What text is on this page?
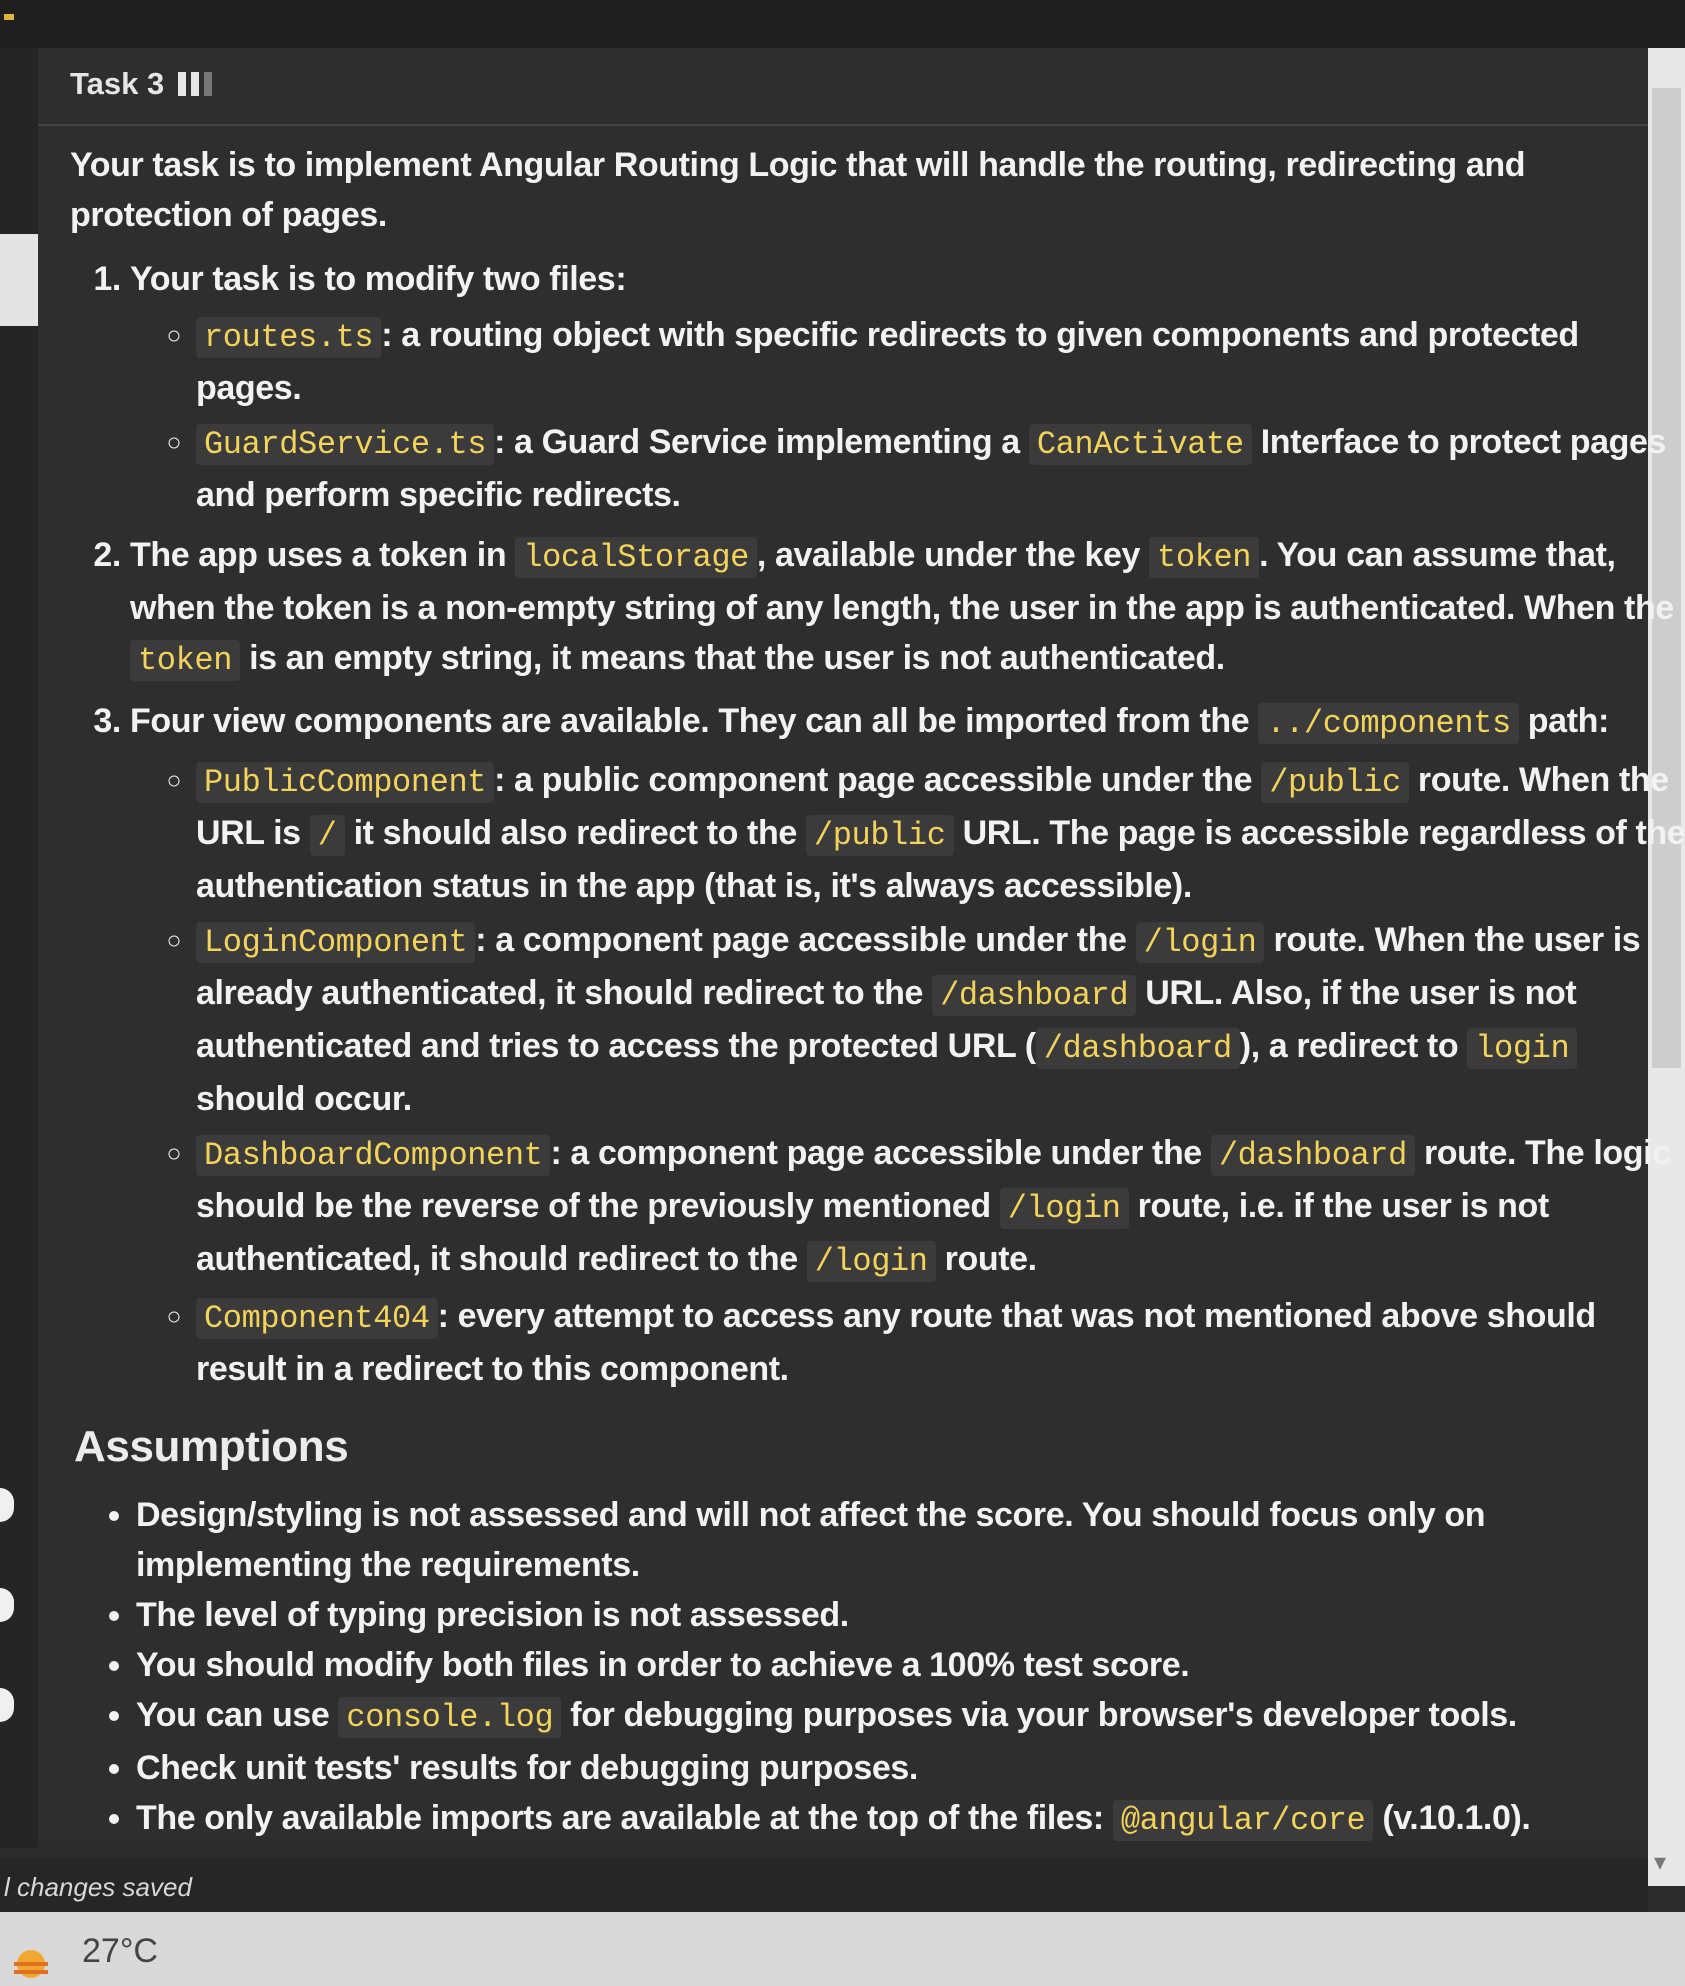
▾
Task 3

Your task is to implement Angular Routing Logic that will handle the routing, redirecting and protection of pages.

1. Your task is to modify two files:
◦ routes.ts : a routing object with specific redirects to given components and protected pages.
◦ GuardService.ts : a Guard Service implementing a CanActivate Interface to protect pages and perform specific redirects.
2. The app uses a token in localStorage , available under the key token . You can assume that, when the token is a non-empty string of any length, the user in the app is authenticated. When the token is an empty string, it means that the user is not authenticated.
3. Four view components are available. They can all be imported from the ../components path:
◦ PublicComponent : a public component page accessible under the /public route. When the URL is / it should also redirect to the /public URL. The page is accessible regardless of the authentication status in the app (that is, it's always accessible).
◦ LoginComponent : a component page accessible under the /login route. When the user is already authenticated, it should redirect to the /dashboard URL. Also, if the user is not authenticated and tries to access the protected URL ( /dashboard ), a redirect to login should occur.
◦ DashboardComponent : a component page accessible under the /dashboard route. The logic should be the reverse of the previously mentioned /login route, i.e. if the user is not authenticated, it should redirect to the /login route.
◦ Component404 : every attempt to access any route that was not mentioned above should result in a redirect to this component.
Assumptions
• Design/styling is not assessed and will not affect the score. You should focus only on implementing the requirements.
• The level of typing precision is not assessed.
• You should modify both files in order to achieve a 100% test score.
• You can use console.log for debugging purposes via your browser's developer tools.
• Check unit tests' results for debugging purposes.
• The only available imports are available at the top of the files: @angular/core (v.10.1.0).
l changes saved
27°C
